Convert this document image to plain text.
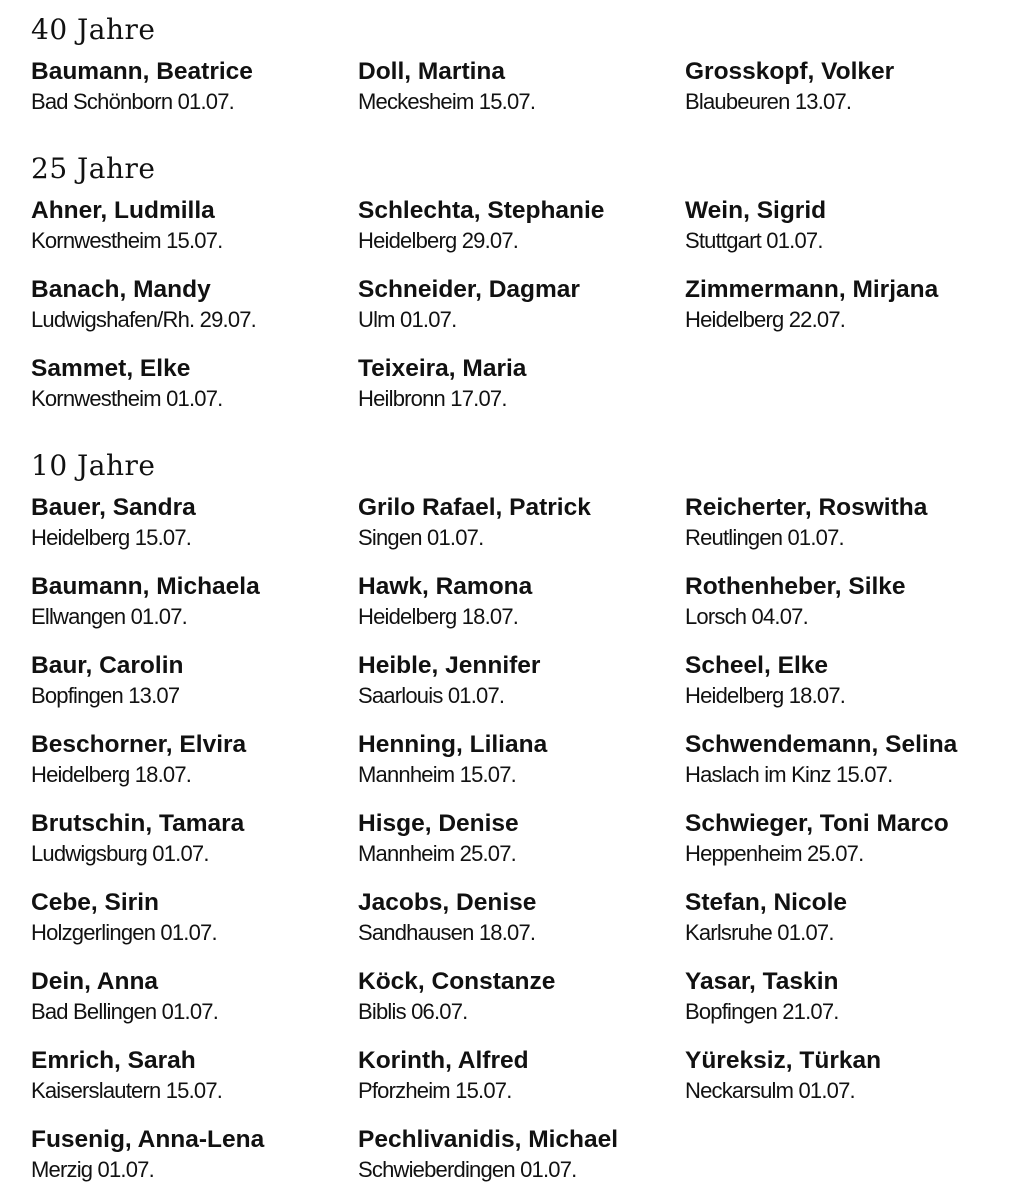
40 Jahre
25 Jahre
10 Jahre
Baumann, Beatrice
Bad Schönborn 01.07.
Doll, Martina
Meckesheim 15.07.
Grosskopf, Volker
Blaubeuren 13.07.
Ahner, Ludmilla
Kornwestheim 15.07.
Schlechta, Stephanie
Heidelberg 29.07.
Wein, Sigrid
Stuttgart 01.07.
Banach, Mandy
Ludwigshafen/Rh. 29.07.
Schneider, Dagmar
Ulm 01.07.
Zimmermann, Mirjana
Heidelberg 22.07.
Sammet, Elke
Kornwestheim 01.07.
Teixeira, Maria
Heilbronn 17.07.
Bauer, Sandra
Heidelberg 15.07.
Grilo Rafael, Patrick
Singen 01.07.
Reicherter, Roswitha
Reutlingen 01.07.
Baumann, Michaela
Ellwangen 01.07.
Hawk, Ramona
Heidelberg 18.07.
Rothenheber, Silke
Lorsch 04.07.
Baur, Carolin
Bopfingen 13.07
Heible, Jennifer
Saarlouis 01.07.
Scheel, Elke
Heidelberg 18.07.
Beschorner, Elvira
Heidelberg 18.07.
Henning, Liliana
Mannheim 15.07.
Schwendemann, Selina
Haslach im Kinz 15.07.
Brutschin, Tamara
Ludwigsburg 01.07.
Hisge, Denise
Mannheim 25.07.
Schwieger, Toni Marco
Heppenheim 25.07.
Cebe, Sirin
Holzgerlingen 01.07.
Jacobs, Denise
Sandhausen 18.07.
Stefan, Nicole
Karlsruhe 01.07.
Dein, Anna
Bad Bellingen 01.07.
Köck, Constanze
Biblis 06.07.
Yasar, Taskin
Bopfingen 21.07.
Emrich, Sarah
Kaiserslautern 15.07.
Korinth, Alfred
Pforzheim 15.07.
Yüreksiz, Türkan
Neckarsulm 01.07.
Fusenig, Anna-Lena
Merzig 01.07.
Pechlivanidis, Michael
Schwieberdingen 01.07.
